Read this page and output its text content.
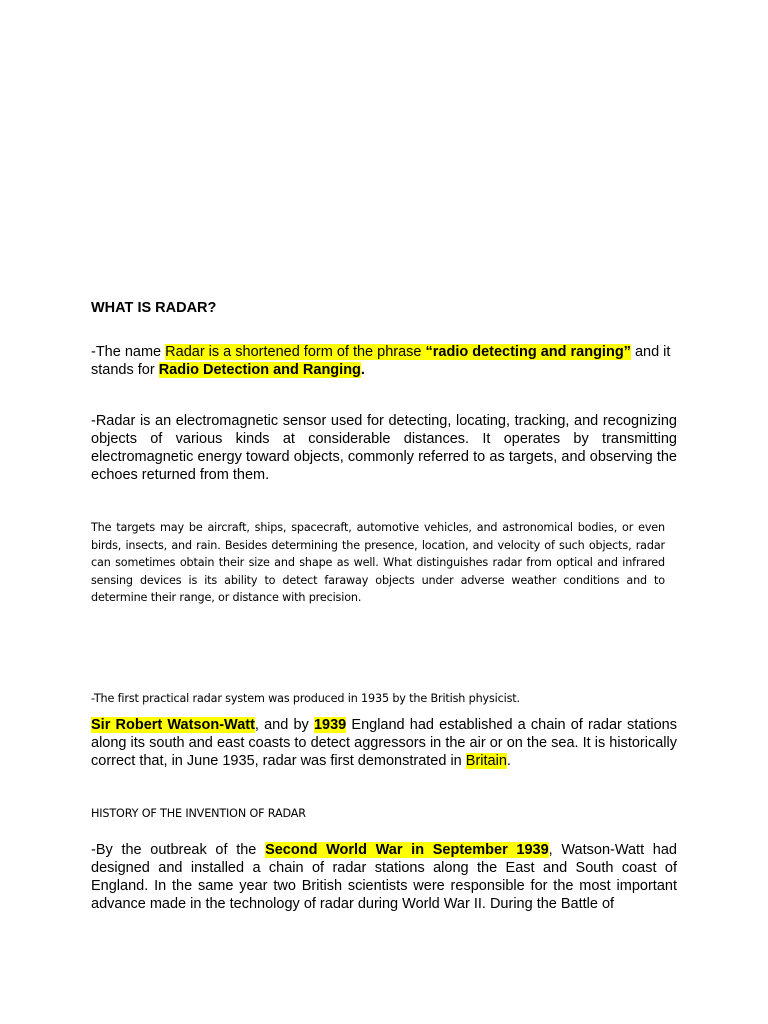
WHAT IS RADAR?

-The name Radar is a shortened form of the phrase “radio detecting and ranging” and it stands for Radio Detection and Ranging.

-Radar is an electromagnetic sensor used for detecting, locating, tracking, and recognizing objects of various kinds at considerable distances. It operates by transmitting electromagnetic energy toward objects, commonly referred to as targets, and observing the echoes returned from them.

The targets may be aircraft, ships, spacecraft, automotive vehicles, and astronomical bodies, or even birds, insects, and rain. Besides determining the presence, location, and velocity of such objects, radar can sometimes obtain their size and shape as well. What distinguishes radar from optical and infrared sensing devices is its ability to detect faraway objects under adverse weather conditions and to determine their range, or distance with precision.

-The first practical radar system was produced in 1935 by the British physicist.

Sir Robert Watson-Watt, and by 1939 England had established a chain of radar stations along its south and east coasts to detect aggressors in the air or on the sea. It is historically correct that, in June 1935, radar was first demonstrated in Britain.

HISTORY OF THE INVENTION OF RADAR

-By the outbreak of the Second World War in September 1939, Watson-Watt had designed and installed a chain of radar stations along the East and South coast of England. In the same year two British scientists were responsible for the most important advance made in the technology of radar during World War II. During the Battle of
